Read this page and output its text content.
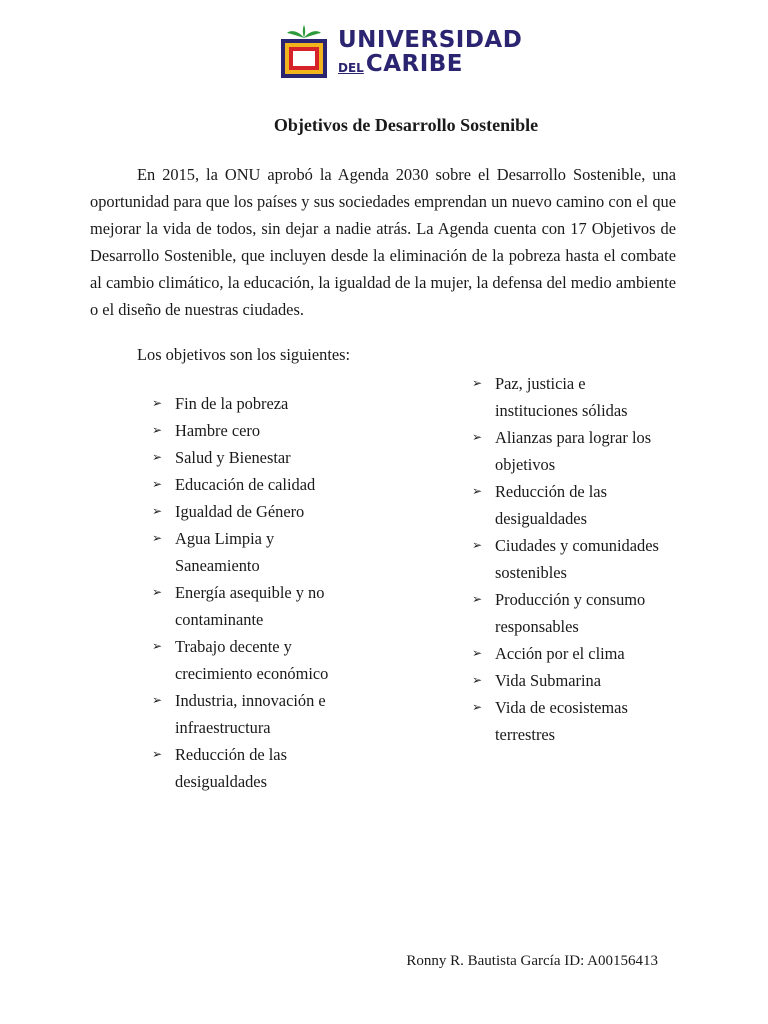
UNIVERSIDAD
DEL CARIBE
Objetivos de Desarrollo Sostenible

En 2015, la ONU aprobó la Agenda 2030 sobre el Desarrollo Sostenible, una oportunidad para que los países y sus sociedades emprendan un nuevo camino con el que mejorar la vida de todos, sin dejar a nadie atrás. La Agenda cuenta con 17 Objetivos de Desarrollo Sostenible, que incluyen desde la eliminación de la pobreza hasta el combate al cambio climático, la educación, la igualdad de la mujer, la defensa del medio ambiente o el diseño de nuestras ciudades.

Los objetivos son los siguientes:
➢ Fin de la pobreza
➢ Hambre cero
➢ Salud y Bienestar
➢ Educación de calidad
➢ Igualdad de Género
➢ Agua Limpia y Saneamiento
➢ Energía asequible y no contaminante
➢ Trabajo decente y crecimiento económico
➢ Industria, innovación e infraestructura
➢ Reducción de las desigualdades
➢ Paz, justicia e instituciones sólidas
➢ Alianzas para lograr los objetivos
➢ Reducción de las desigualdades
➢ Ciudades y comunidades sostenibles
➢ Producción y consumo responsables
➢ Acción por el clima
➢ Vida Submarina
➢ Vida de ecosistemas terrestres
Ronny R. Bautista García ID: A00156413
